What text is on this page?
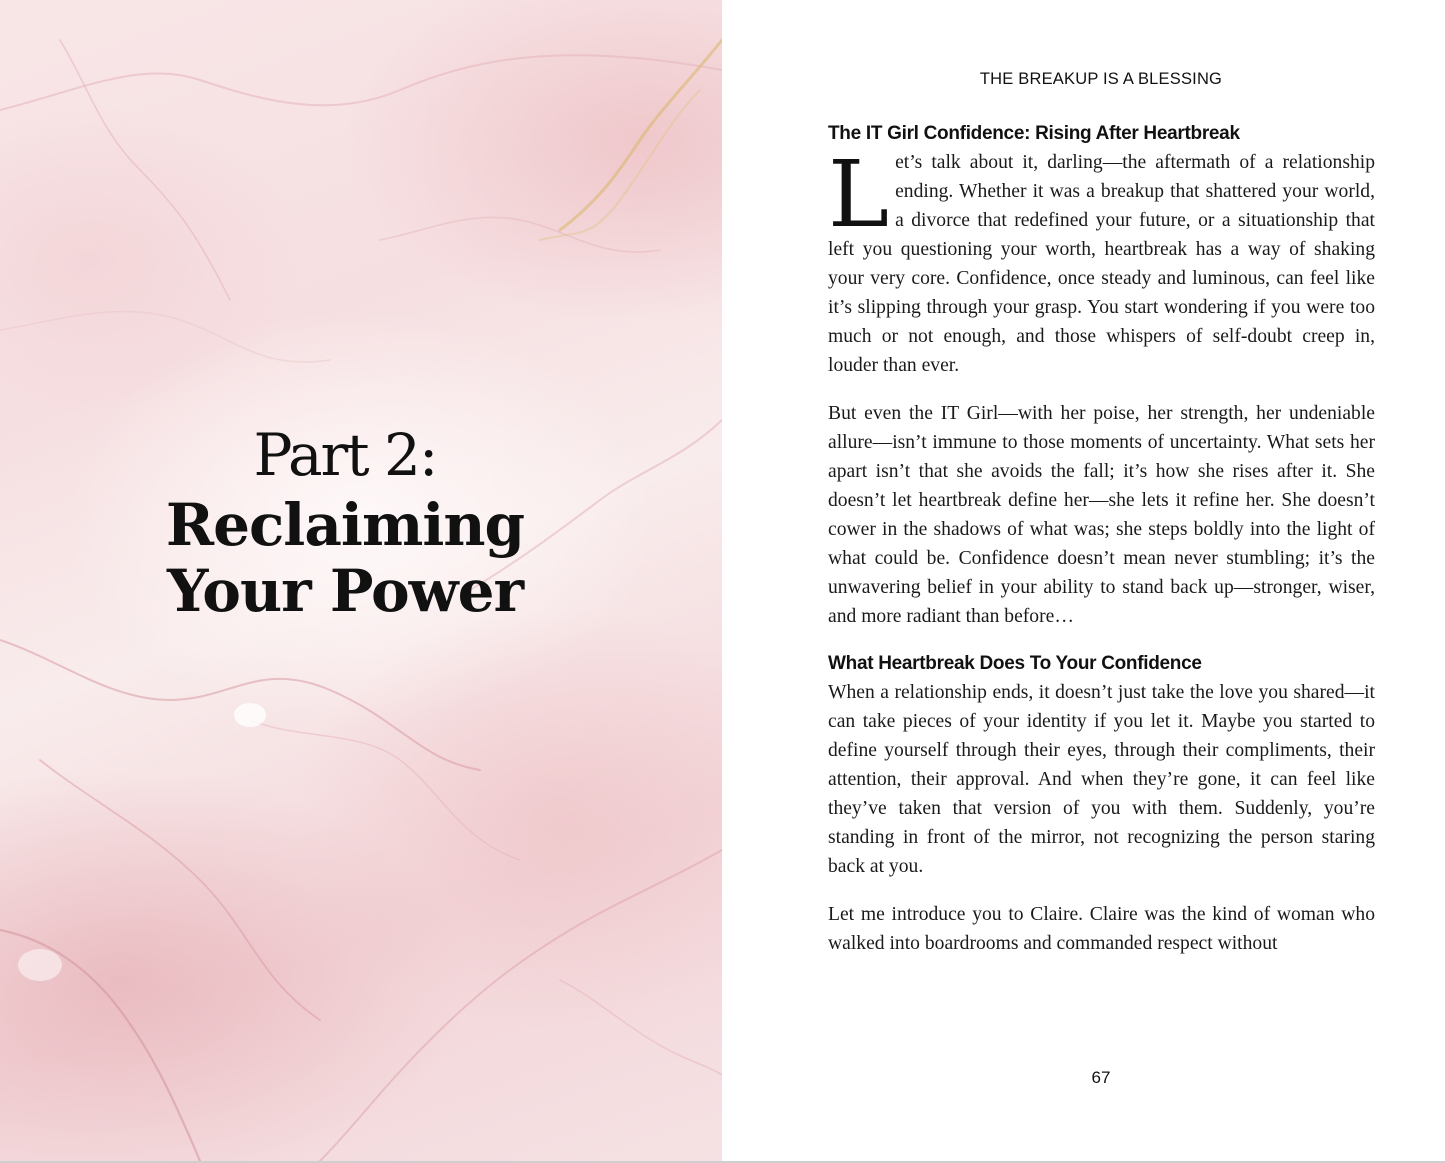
Part 2:
Reclaiming
Your Power
THE BREAKUP IS A BLESSING
The IT Girl Confidence: Rising After Heartbreak

Let’s talk about it, darling—the aftermath of a relationship ending. Whether it was a breakup that shattered your world, a divorce that redefined your future, or a situationship that left you questioning your worth, heartbreak has a way of shaking your very core. Confidence, once steady and luminous, can feel like it’s slipping through your grasp. You start wondering if you were too much or not enough, and those whispers of self-doubt creep in, louder than ever.

But even the IT Girl—with her poise, her strength, her undeniable allure—isn’t immune to those moments of uncertainty. What sets her apart isn’t that she avoids the fall; it’s how she rises after it. She doesn’t let heartbreak define her—she lets it refine her. She doesn’t cower in the shadows of what was; she steps boldly into the light of what could be. Confidence doesn’t mean never stumbling; it’s the unwavering belief in your ability to stand back up—stronger, wiser, and more radiant than before…

What Heartbreak Does To Your Confidence

When a relationship ends, it doesn’t just take the love you shared—it can take pieces of your identity if you let it. Maybe you started to define yourself through their eyes, through their compliments, their attention, their approval. And when they’re gone, it can feel like they’ve taken that version of you with them. Suddenly, you’re standing in front of the mirror, not recognizing the person staring back at you.

Let me introduce you to Claire. Claire was the kind of woman who walked into boardrooms and commanded respect without

67
